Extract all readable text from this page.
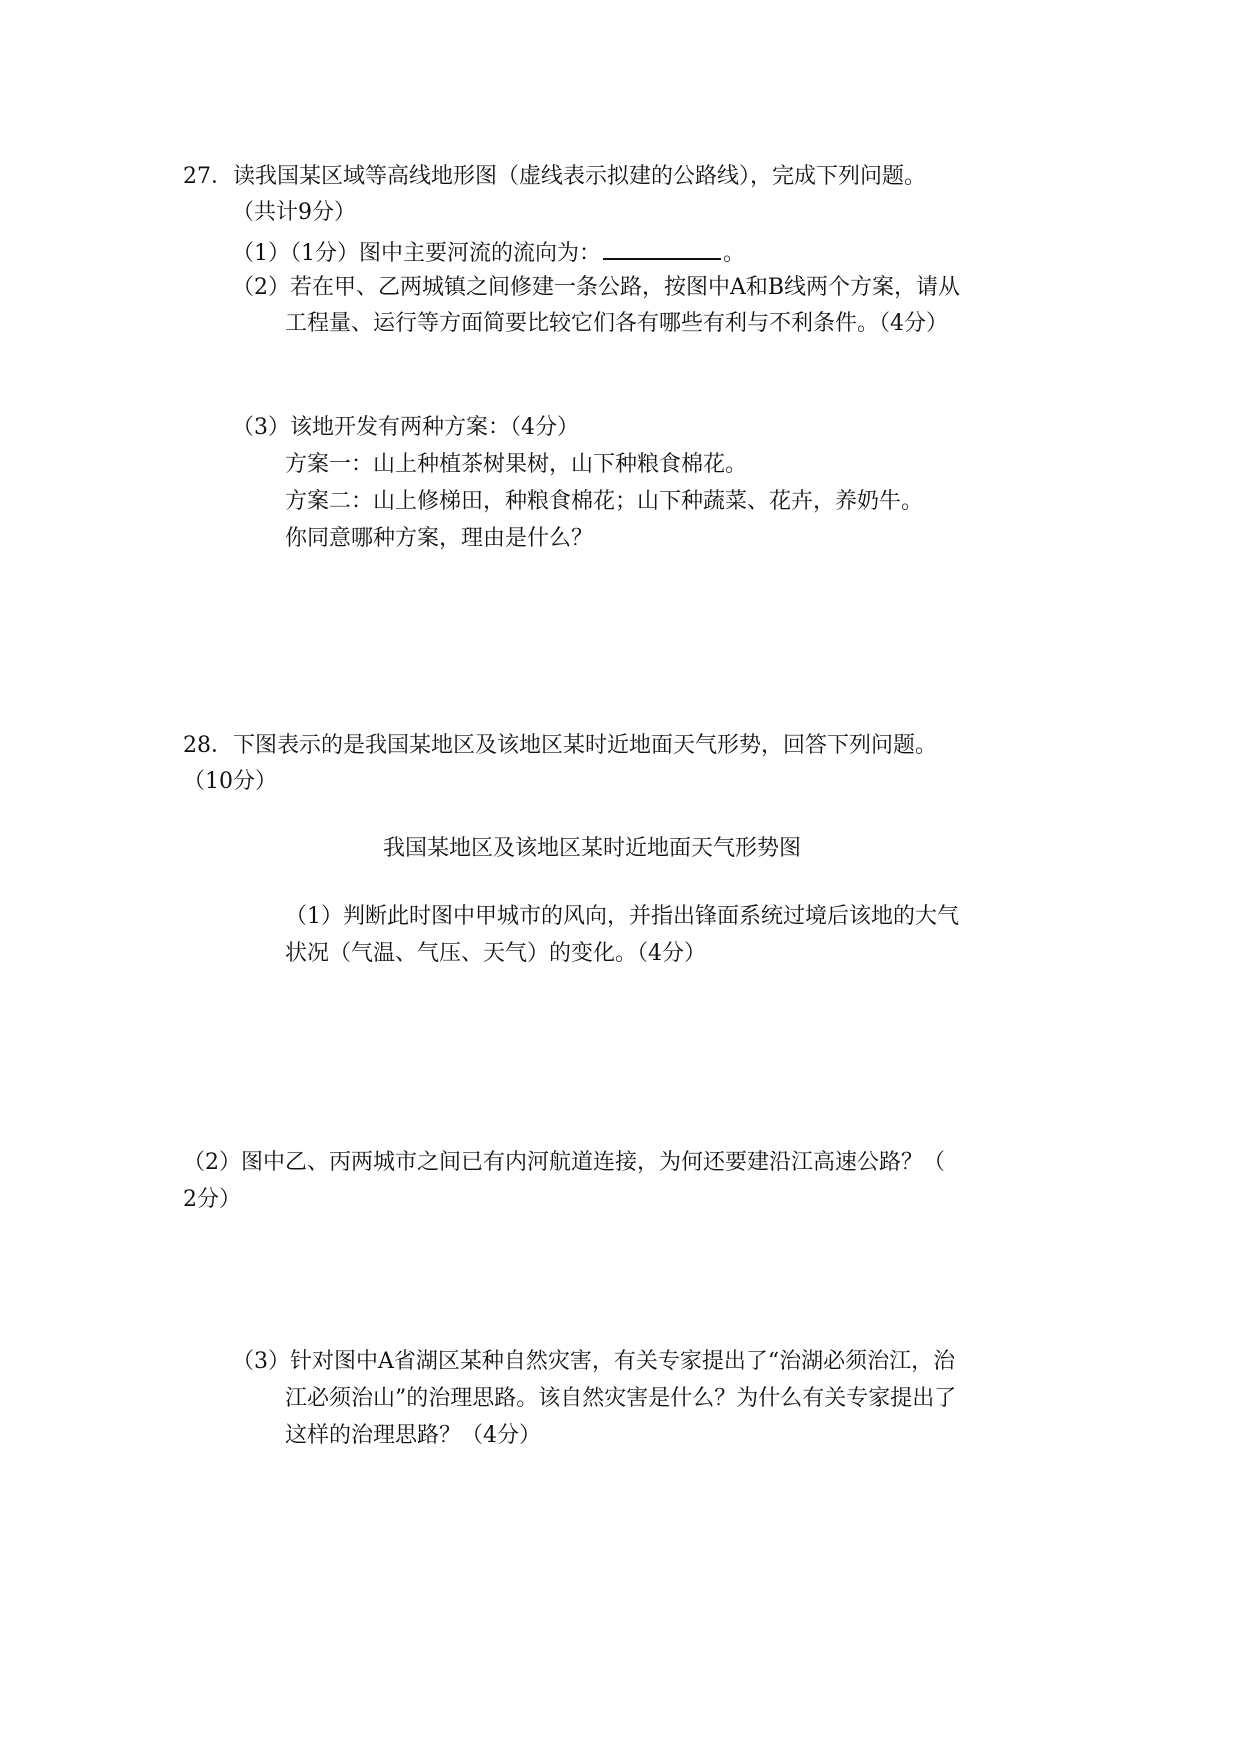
27．读我国某区域等高线地形图（虚线表示拟建的公路线），完成下列问题。
（共计9分）
（1）（1分）图中主要河流的流向为：	。
（2）若在甲、乙两城镇之间修建一条公路，按图中A和B线两个方案，请从
工程量、运行等方面简要比较它们各有哪些有利与不利条件。（4分）
（3）该地开发有两种方案：（4分）
方案一：山上种植茶树果树，山下种粮食棉花。
方案二：山上修梯田，种粮食棉花；山下种蔬菜、花卉，养奶牛。
你同意哪种方案，理由是什么？
28．下图表示的是我国某地区及该地区某时近地面天气形势，回答下列问题。
（10分）
我国某地区及该地区某时近地面天气形势图
（1）判断此时图中甲城市的风向，并指出锋面系统过境后该地的大气
状况（气温、气压、天气）的变化。（4分）
（2）图中乙、丙两城市之间已有内河航道连接，为何还要建沿江高速公路？（
2分）
（3）针对图中A省湖区某种自然灾害，有关专家提出了“治湖必须治江，治
江必须治山”的治理思路。该自然灾害是什么？为什么有关专家提出了
这样的治理思路？（4分）
